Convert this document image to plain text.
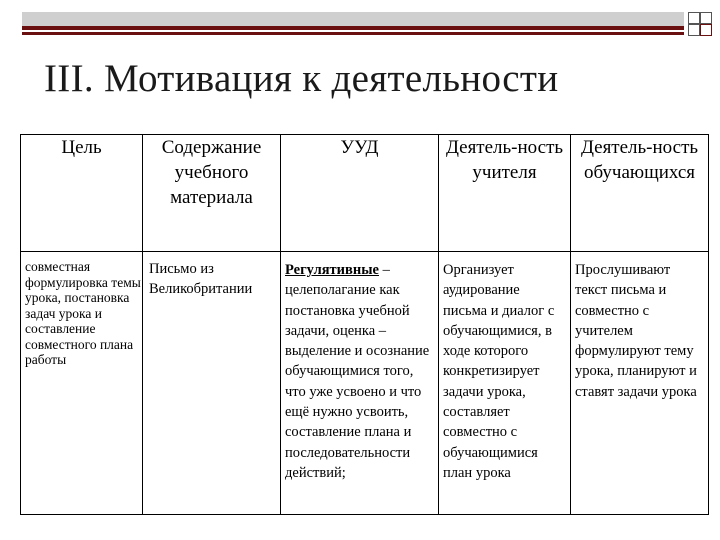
III. Мотивация к деятельности
Цель	Содержание учебного материала	УУД	Деятель-ность учителя	Деятель-ность обучающихся

совместная формулировка темы урока, постановка задач урока и составление совместного плана работы	Письмо из Великобритании	Регулятивные – целеполагание как постановка учебной задачи, оценка – выделение и осознание обучающимися того, что уже усвоено и что ещё нужно усвоить, составление плана и последовательности действий;	Организует аудирование письма и диалог с обучающимися, в ходе которого конкретизирует задачи урока, составляет совместно с обучающимися план урока	Прослушивают текст письма и совместно с учителем формулируют тему урока, планируют и ставят задачи урока
